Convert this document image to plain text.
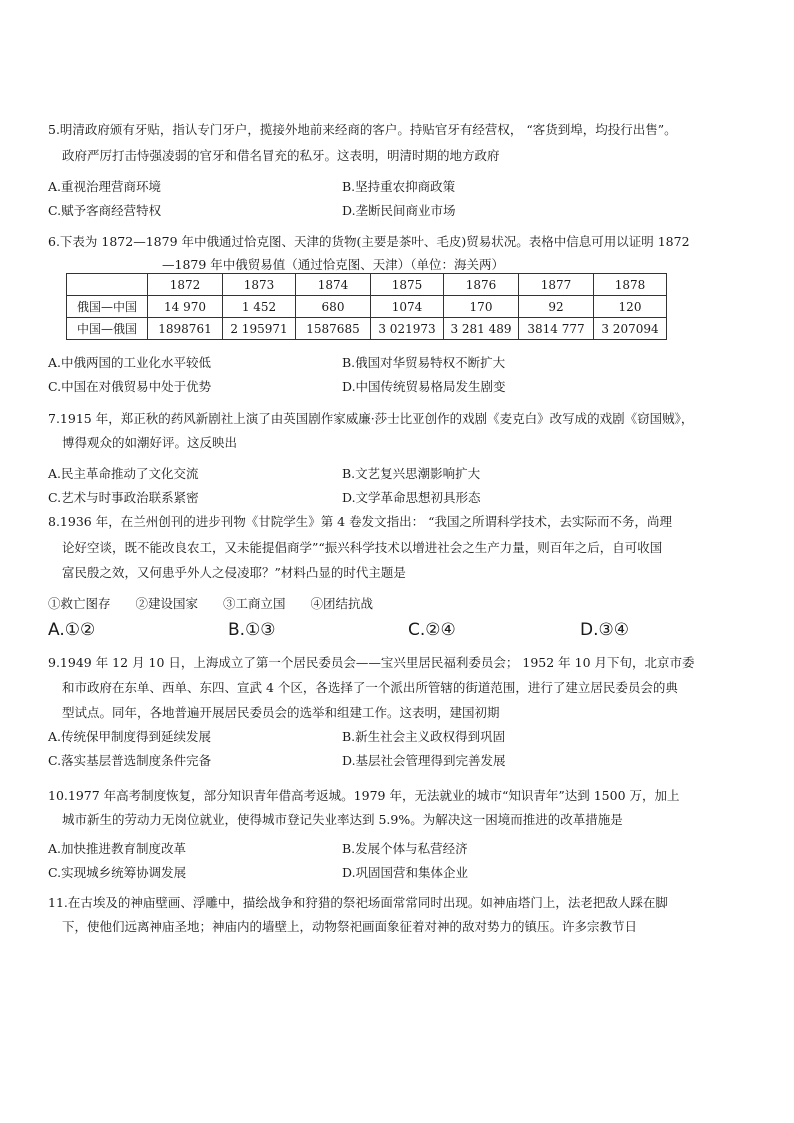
5.明清政府颁有牙贴，指认专门牙户，揽接外地前来经商的客户。持贴官牙有经营权， “客货到埠，均投行出售”。
政府严厉打击恃强凌弱的官牙和借名冒充的私牙。这表明，明清时期的地方政府
A.重视治理营商环境	B.坚持重农抑商政策
C.赋予客商经营特权	D.垄断民间商业市场
6.下表为 1872—1879 年中俄通过恰克图、天津的货物(主要是茶叶、毛皮)贸易状况。表格中信息可用以证明 1872
—1879 年中俄贸易值（通过恰克图、天津）（单位：海关两）
	1872	1873	1874	1875	1876	1877	1878
俄国—中国	14 970	1 452	680	1074	170	92	120
中国—俄国	1898761	2 195971	1587685	3 021973	3 281 489	3814 777	3 207094
A.中俄两国的工业化水平较低	B.俄国对华贸易特权不断扩大
C.中国在对俄贸易中处于优势	D.中国传统贸易格局发生剧变
7.1915 年，郑正秋的药风新剧社上演了由英国剧作家威廉·莎士比亚创作的戏剧《麦克白》改写成的戏剧《窃国贼》，
博得观众的如潮好评。这反映出
A.民主革命推动了文化交流	B.文艺复兴思潮影响扩大
C.艺术与时事政治联系紧密	D.文学革命思想初具形态
8.1936 年，在兰州创刊的进步刊物《甘院学生》第 4 卷发文指出： “我国之所谓科学技术，去实际而不务，尚理
论好空谈，既不能改良农工，又未能提倡商学”“振兴科学技术以增进社会之生产力量，则百年之后，自可收国
富民殷之效，又何患乎外人之侵凌耶？”材料凸显的时代主题是
①救亡图存　　②建设国家　　③工商立国　　④团结抗战
A.①②	B.①③	C.②④	D.③④
9.1949 年 12 月 10 日，上海成立了第一个居民委员会——宝兴里居民福利委员会； 1952 年 10 月下旬，北京市委
和市政府在东单、西单、东四、宣武 4 个区，各选择了一个派出所管辖的街道范围，进行了建立居民委员会的典
型试点。同年，各地普遍开展居民委员会的选举和组建工作。这表明，建国初期
A.传统保甲制度得到延续发展	B.新生社会主义政权得到巩固
C.落实基层普选制度条件完备	D.基层社会管理得到完善发展
10.1977 年高考制度恢复，部分知识青年借高考返城。1979 年，无法就业的城市“知识青年”达到 1500 万，加上
城市新生的劳动力无岗位就业，使得城市登记失业率达到 5.9%。为解决这一困境而推进的改革措施是
A.加快推进教育制度改革	B.发展个体与私营经济
C.实现城乡统筹协调发展	D.巩固国营和集体企业
11.在古埃及的神庙壁画、浮雕中，描绘战争和狩猎的祭祀场面常常同时出现。如神庙塔门上，法老把敌人踩在脚
下，使他们远离神庙圣地；神庙内的墙壁上，动物祭祀画面象征着对神的敌对势力的镇压。许多宗教节日
